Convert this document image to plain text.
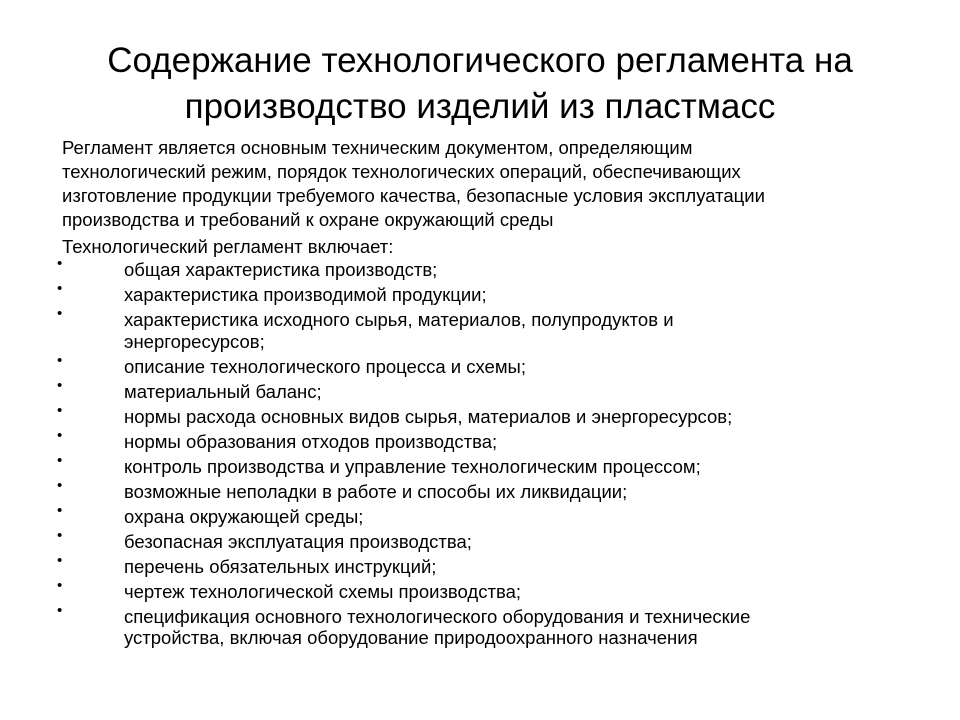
Содержание технологического регламента на
производство изделий из пластмасс

Регламент является основным техническим документом, определяющим
технологический режим, порядок технологических операций, обеспечивающих
изготовление продукции требуемого качества, безопасные условия эксплуатации
производства и требований к охране окружающий среды

Технологический регламент включает:

•	общая характеристика производств;
•	характеристика производимой продукции;
•	характеристика исходного сырья, материалов, полупродуктов и
энергоресурсов;
•	описание технологического процесса и схемы;
•	материальный баланс;
•	нормы расхода основных видов сырья, материалов и энергоресурсов;
•	нормы образования отходов производства;
•	контроль производства и управление технологическим процессом;
•	возможные неполадки в работе и способы их ликвидации;
•	охрана окружающей среды;
•	безопасная эксплуатация производства;
•	перечень обязательных инструкций;
•	чертеж технологической схемы производства;
•	спецификация основного технологического оборудования и технические
устройства, включая оборудование природоохранного назначения
